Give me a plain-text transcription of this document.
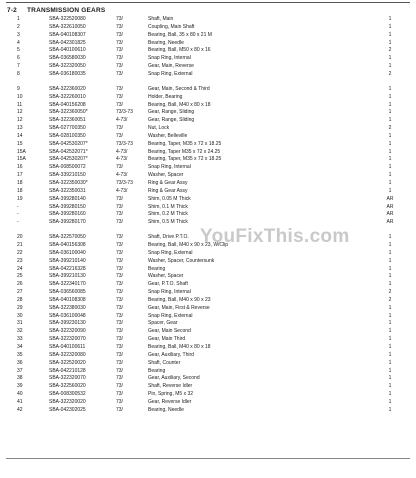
7-2 TRANSMISSION GEARS
YouFixThis.com
1	SBA-322520080	73/	Shaft, Main	1
2	SBA-322610050	73/	Coupling, Main Shaft	1
3	SBA-040108307	73/	Bearing, Ball, 35 x 80 x 21 M	1
4	SBA-042301825	73/	Bearing, Needle	1
5	SBA-040100610	73/	Bearing, Ball, M50 x 80 x 16	2
6	SBA-036580030	73/	Snap Ring, Internal	1
7	SBA-322320050	73/	Gear, Main, Reverse	1
8	SBA-036180035	73/	Snap Ring, External	2
9	SBA-322360020	73/	Gear, Main, Second & Third	1
10	SBA-322260010	73/	Holder, Bearing	1
11	SBA-040156208	73/	Bearing, Ball, M40 x 80 x 18	1
12	SBA-322360050*	73/3-73	Gear, Range, Sliding	1
12	SBA-322360051	4-73/	Gear, Range, Sliding	1
13	SBA-027700350	73/	Nut, Lock	2
14	SBA-028100350	73/	Washer, Belleville	1
15	SBA-042530207*	73/3-73	Bearing, Taper, M35 x 72 x 18.25	1
15A	SBA-042532071*	4-73/	Bearing, Taper M35 x 72 x 24.25	1
15A	SBA-042530207*	4-73/	Bearing, Taper, M35 x 72 x 18.25	1
16	SBA-008500072	73/	Snap Ring, Internal	1
17	SBA-339210150	4-73/	Washer, Spacer	1
18	SBA-322350030*	73/3-73	Ring & Gear Assy	1
18	SBA-322350031	4-73/	Ring & Gear Assy	1
19	SBA-399280140	73/	Shim, 0.05 M Thick	AR
-	SBA-399280150	73/	Shim, 0.1 M Thick	AR
-	SBA-399280160	73/	Shim, 0.2 M Thick	AR
-	SBA-399280170	73/	Shim, 0.5 M Thick	AR
20	SBA-322570050	73/	Shaft, Drive P.T.O.	1
21	SBA-040156308	73/	Bearing, Ball, M40 x 90 x 23, W/Clip	1
22	SBA-036100040	73/	Snap Ring, External	1
23	SBA-399210140	73/	Washer, Spacer, Countersunk	1
24	SBA-042216328	73/	Bearing	1
25	SBA-399210130	73/	Washer, Spacer	1
26	SBA-322340170	73/	Gear, P.T.O. Shaft	1
27	SBA-036560085	73/	Snap Ring, Internal	2
28	SBA-040108308	73/	Bearing, Ball, M40 x 90 x 23	2
29	SBA-322380030	73/	Gear, Main, First & Reverse	1
30	SBA-036100048	73/	Snap Ring, External	1
31	SBA-399230130	73/	Spacer, Gear	1
32	SBA-322320090	73/	Gear, Main Second	1
33	SBA-322320070	73/	Gear, Main Third	1
34	SBA-040100611	73/	Bearing, Ball, M40 x 80 x 18	1
35	SBA-322320080	73/	Gear, Auxiliary, Third	1
36	SBA-322520020	73/	Shaft, Counter	1
37	SBA-042210128	73/	Bearing	1
38	SBA-322320070	73/	Gear, Auxiliary, Second	1
39	SBA-322560020	73/	Shaft, Reverse Idler	1
40	SBA-008300532	73/	Pin, Spring, M5 x 32	1
41	SBA-322320020	73/	Gear, Reverse Idler	1
42	SBA-042302025	73/	Bearing, Needle	1
